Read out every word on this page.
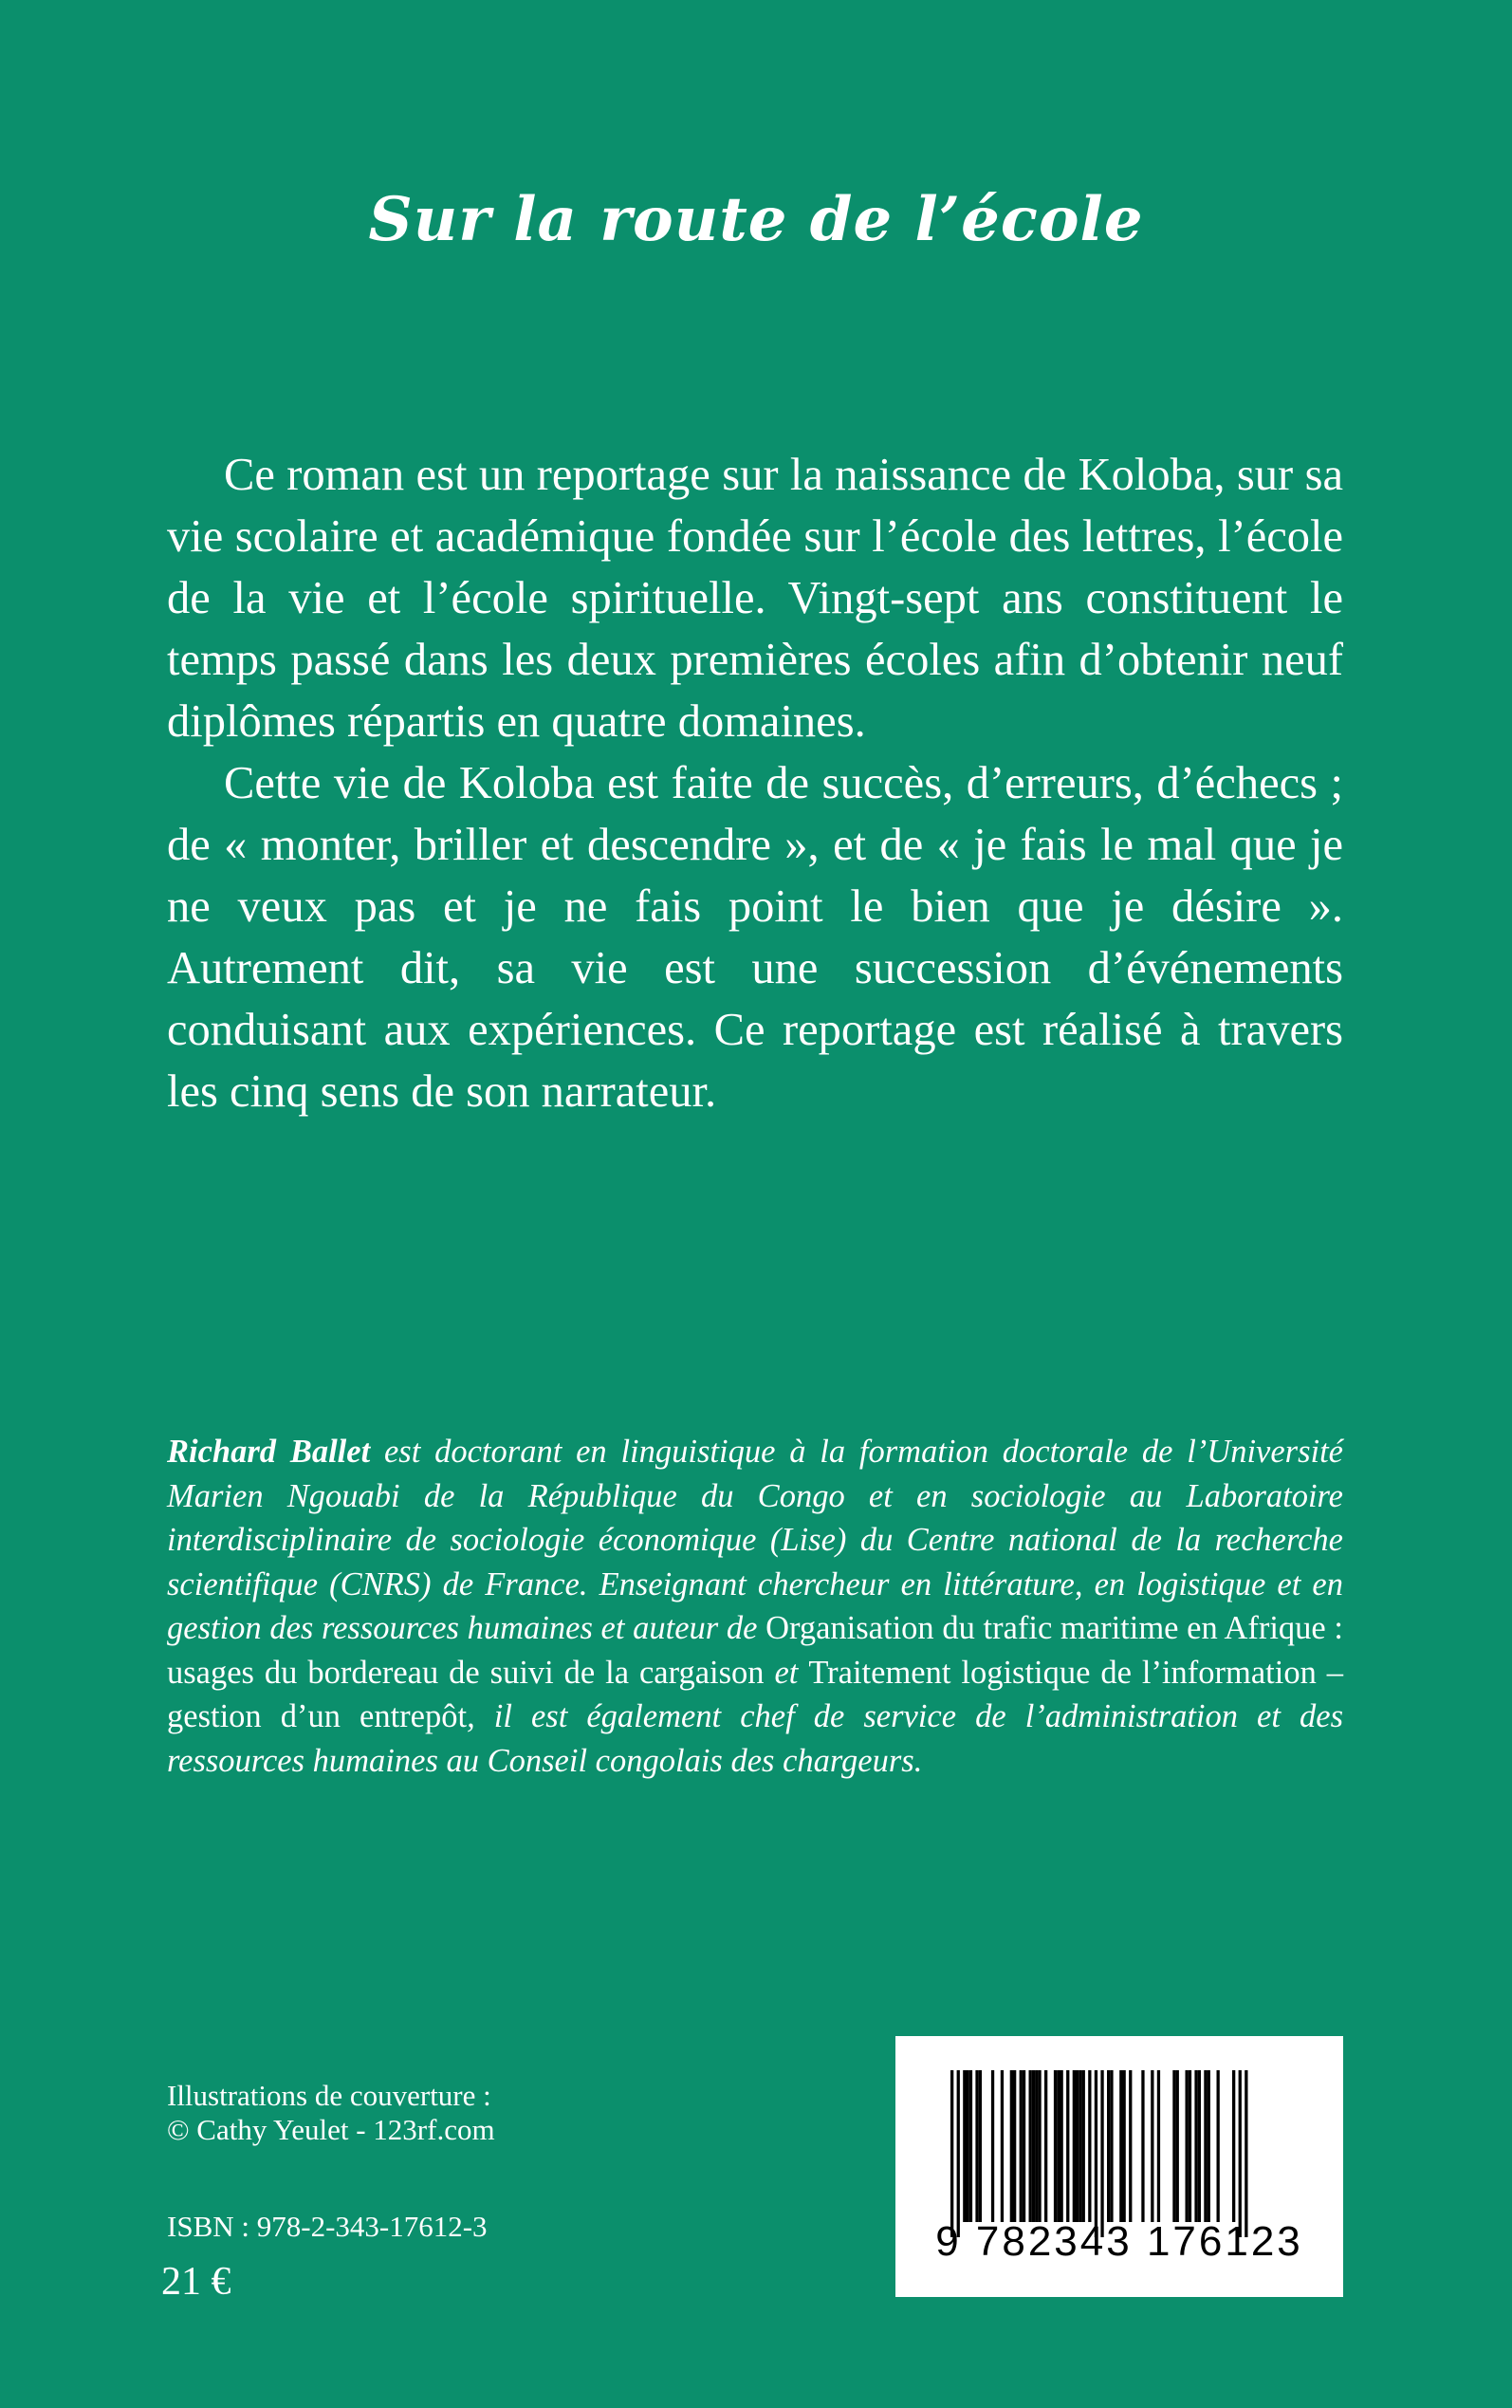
Sur la route de l’école

Ce roman est un reportage sur la naissance de Koloba, sur sa vie scolaire et académique fondée sur l’école des lettres, l’école de la vie et l’école spirituelle. Vingt-sept ans constituent le temps passé dans les deux premières écoles afin d’obtenir neuf diplômes répartis en quatre domaines.

Cette vie de Koloba est faite de succès, d’erreurs, d’échecs ; de « monter, briller et descendre », et de « je fais le mal que je ne veux pas et je ne fais point le bien que je désire ». Autrement dit, sa vie est une succession d’événements conduisant aux expériences. Ce reportage est réalisé à travers les cinq sens de son narrateur.

Richard Ballet est doctorant en linguistique à la formation doctorale de l’Université Marien Ngouabi de la République du Congo et en sociologie au Laboratoire interdisciplinaire de sociologie économique (Lise) du Centre national de la recherche scientifique (CNRS) de France. Enseignant chercheur en littérature, en logistique et en gestion des ressources humaines et auteur de Organisation du trafic maritime en Afrique : usages du bordereau de suivi de la cargaison et Traitement logistique de l’information – gestion d’un entrepôt, il est également chef de service de l’administration et des ressources humaines au Conseil congolais des chargeurs.

Illustrations de couverture :
© Cathy Yeulet - 123rf.com
ISBN : 978-2-343-17612-3
21 €
9 782343 176123
